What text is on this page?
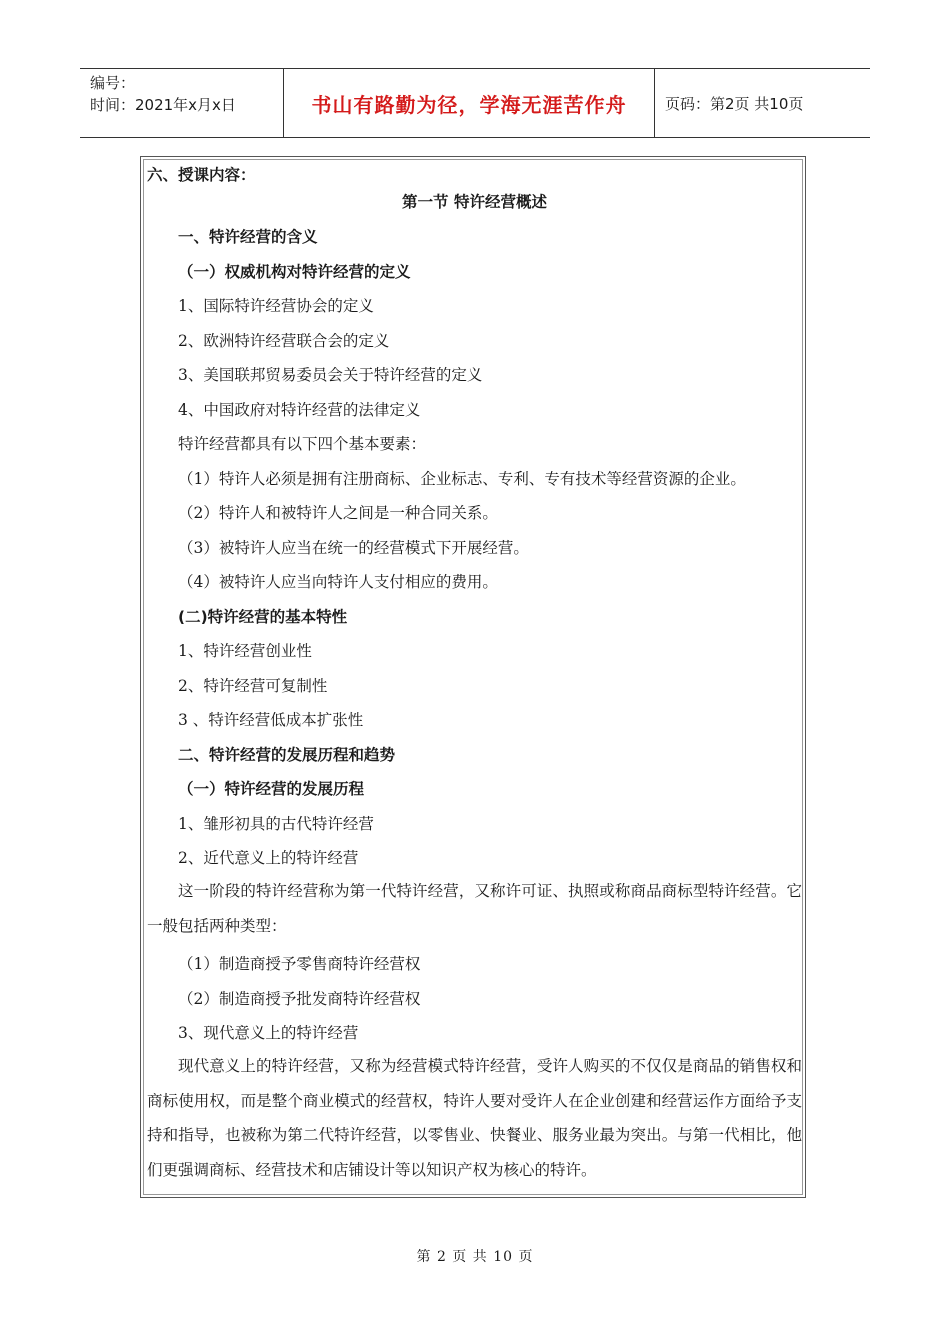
编号：
时间：2021年x月x日	书山有路勤为径，学海无涯苦作舟	页码：第2页 共10页
六、授课内容：
第一节 特许经营概述
一、特许经营的含义
（一）权威机构对特许经营的定义
1、国际特许经营协会的定义
2、欧洲特许经营联合会的定义
3、美国联邦贸易委员会关于特许经营的定义
4、中国政府对特许经营的法律定义
特许经营都具有以下四个基本要素：
（1）特许人必须是拥有注册商标、企业标志、专利、专有技术等经营资源的企业。
（2）特许人和被特许人之间是一种合同关系。
（3）被特许人应当在统一的经营模式下开展经营。
（4）被特许人应当向特许人支付相应的费用。
(二)特许经营的基本特性
1、特许经营创业性
2、特许经营可复制性
3 、特许经营低成本扩张性
二、特许经营的发展历程和趋势
（一）特许经营的发展历程
1、雏形初具的古代特许经营
2、近代意义上的特许经营
这一阶段的特许经营称为第一代特许经营，又称许可证、执照或称商品商标型特许经营。它一般包括两种类型：
（1）制造商授予零售商特许经营权
（2）制造商授予批发商特许经营权
3、现代意义上的特许经营
现代意义上的特许经营，又称为经营模式特许经营，受许人购买的不仅仅是商品的销售权和商标使用权，而是整个商业模式的经营权，特许人要对受许人在企业创建和经营运作方面给予支持和指导，也被称为第二代特许经营，以零售业、快餐业、服务业最为突出。与第一代相比，他们更强调商标、经营技术和店铺设计等以知识产权为核心的特许。
第 2 页 共 10 页
